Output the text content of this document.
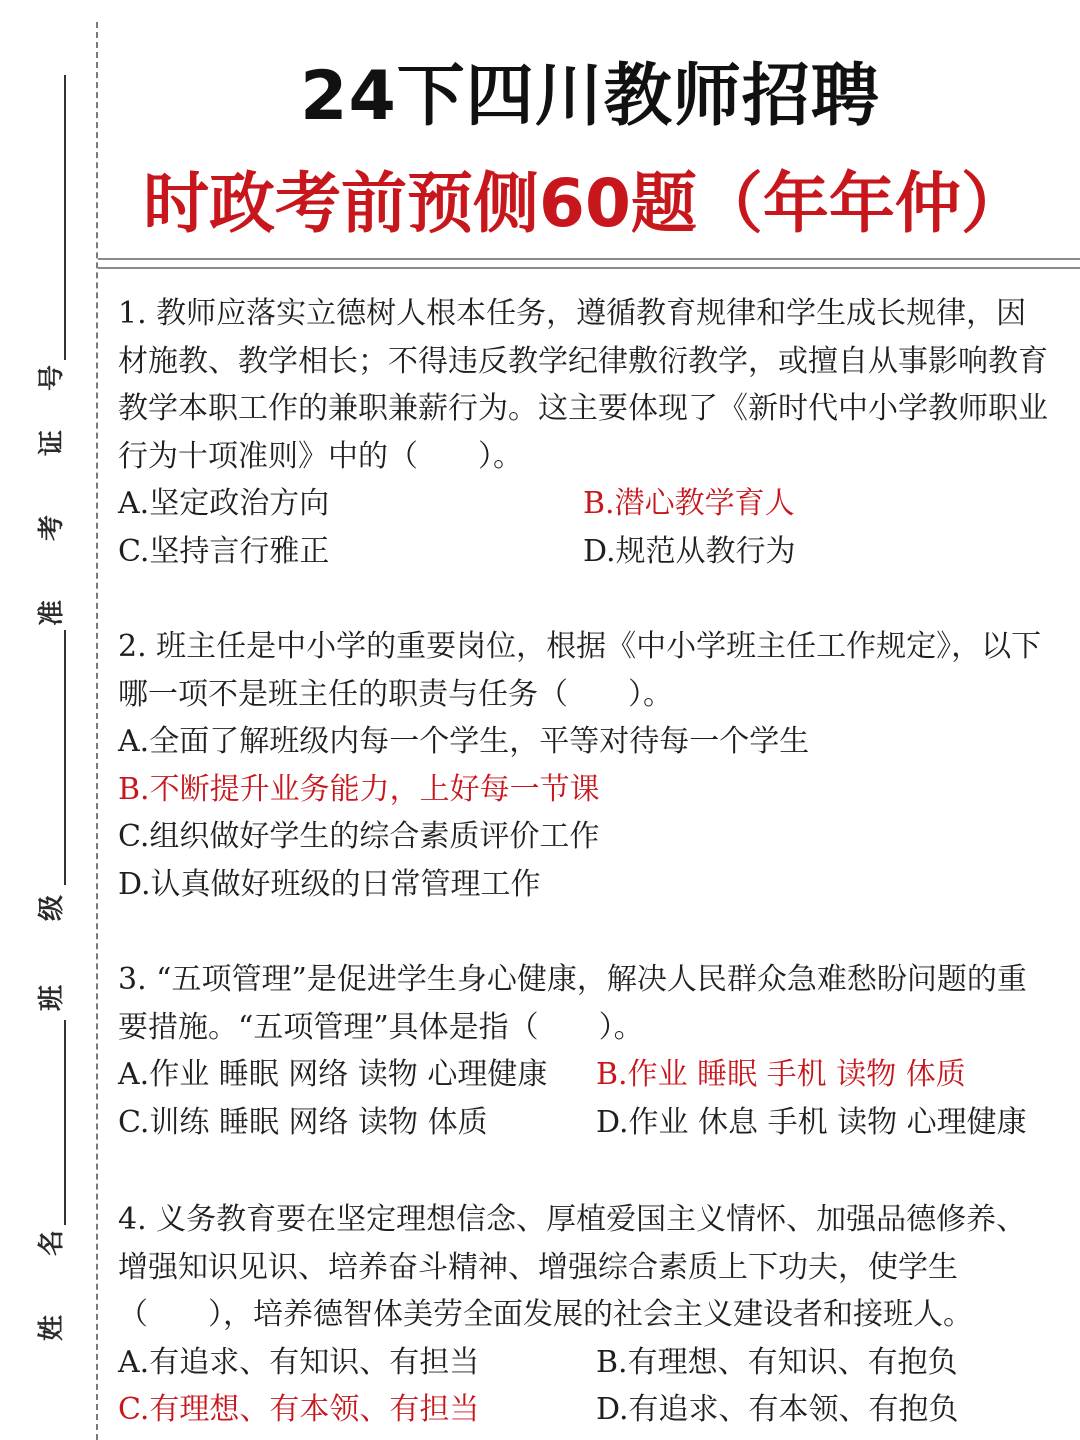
号
证
考
准
级
班
名
姓
24下四川教师招聘
时政考前预侧60题（年年仲）

1. 教师应落实立德树人根本任务，遵循教育规律和学生成长规律，因材施教、教学相长；不得违反教学纪律敷衍教学，或擅自从事影响教育教学本职工作的兼职兼薪行为。这主要体现了《新时代中小学教师职业行为十项准则》中的（　　）。

A.坚定政治方向	B.潜心教学育人
C.坚持言行雅正	D.规范从教行为

2. 班主任是中小学的重要岗位，根据《中小学班主任工作规定》，以下哪一项不是班主任的职责与任务（　　）。

A.全面了解班级内每一个学生，平等对待每一个学生
B.不断提升业务能力，上好每一节课
C.组织做好学生的综合素质评价工作
D.认真做好班级的日常管理工作

3. “五项管理”是促进学生身心健康，解决人民群众急难愁盼问题的重要措施。“五项管理”具体是指（　　）。

A.作业 睡眠 网络 读物 心理健康	B.作业 睡眠 手机 读物 体质
C.训练 睡眠 网络 读物 体质	D.作业 休息 手机 读物 心理健康

4. 义务教育要在坚定理想信念、厚植爱国主义情怀、加强品德修养、增强知识见识、培养奋斗精神、增强综合素质上下功夫，使学生（　　），培养德智体美劳全面发展的社会主义建设者和接班人。

A.有追求、有知识、有担当	B.有理想、有知识、有抱负
C.有理想、有本领、有担当	D.有追求、有本领、有抱负
